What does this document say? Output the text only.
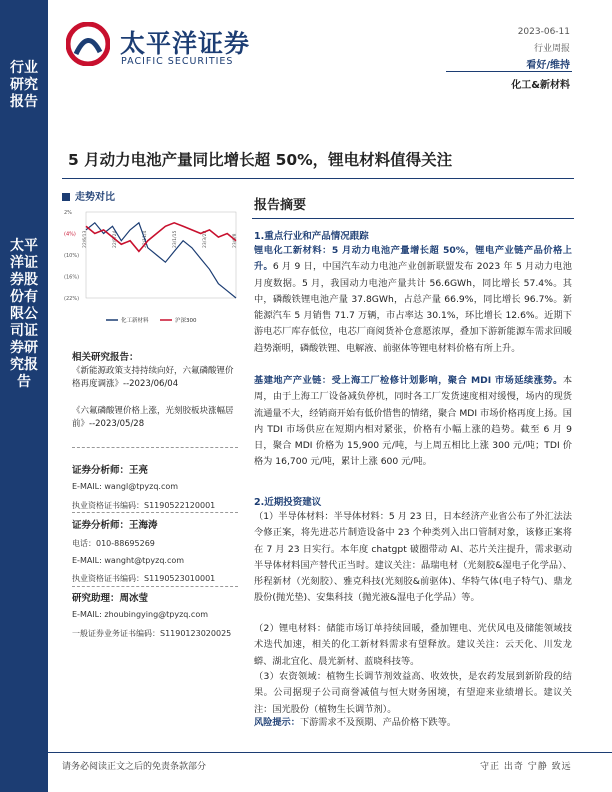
行业研究报告
太平洋证券股份有限公司证券研究报告
太平洋证券
PACIFIC SECURITIES
2023-06-11
行业周报
看好/维持
化工&新材料
5 月动力电池产量同比增长超 50%，锂电材料值得关注
走势对比
2%
(4%)
(10%)
(16%)
(22%)
22/6/13	22/8/24	22/11/4	23/1/15	23/3/28	23/6/8
化工新材料	沪深300
相关研究报告：
《新能源政策支持持续向好，六氟磷酸锂价格再度调涨》--2023/06/04
《六氟磷酸锂价格上涨，光刻胶板块涨幅居前》--2023/05/28
证券分析师：王亮
E-MAIL: wangl@tpyzq.com
执业资格证书编码：S1190522120001
证券分析师：王海涛
电话：010-88695269
E-MAIL: wanght@tpyzq.com
执业资格证书编码：S1190523010001
研究助理：周冰莹
E-MAIL: zhoubingying@tpyzq.com
一般证券业务证书编码：S1190123020025
报告摘要
1.重点行业和产品情况跟踪
锂电化工新材料：5 月动力电池产量增长超 50%，锂电产业链产品价格上升。6 月 9 日，中国汽车动力电池产业创新联盟发布 2023 年 5 月动力电池月度数据。5 月，我国动力电池产量共计 56.6GWh，同比增长 57.4%。其中，磷酸铁锂电池产量 37.8GWh，占总产量 66.9%，同比增长 96.7%。新能源汽车 5 月销售 71.7 万辆，市占率达 30.1%，环比增长 12.6%。近期下游电芯厂库存低位，电芯厂商阅货补仓意愿浓厚，叠加下游新能源车需求回暖趋势渐明，磷酸铁锂、电解液、前驱体等锂电材料价格有所上升。
基建地产产业链：受上海工厂检修计划影响，聚合 MDI 市场延续涨势。本周，由于上海工厂设备减负停机，同时各工厂发货速度相对缓慢，场内的现货流通量不大，经销商开始有低价惜售的情绪，聚合 MDI 市场价格再度上扬。国内 TDI 市场供应在短期内相对紧张，价格有小幅上涨的趋势。截至 6 月 9 日，聚合 MDI 价格为 15,900 元/吨，与上周五相比上涨 300 元/吨；TDI 价格为 16,700 元/吨，累计上涨 600 元/吨。
2.近期投资建议
（1）半导体材料：半导体材料：5 月 23 日，日本经济产业省公布了外汇法法令修正案，将先进芯片制造设备中 23 个种类列入出口管制对象，该修正案将在 7 月 23 日实行。本年度 chatgpt 破圈带动 AI、芯片关注提升，需求驱动半导体材料国产替代正当时。建议关注：晶瑞电材（光刻胶&湿电子化学品）、彤程新材（光刻胶）、雅克科技(光刻胶&前驱体)、华特气体(电子特气)、鼎龙股份(抛光垫)、安集科技（抛光液&湿电子化学品）等。
（2）锂电材料：储能市场订单持续回暖，叠加锂电、光伏风电及储能领域技术迭代加速，相关的化工新材料需求有望释放。建议关注：云天化、川发龙蟒、湖北宜化、晨光新材、蓝晓科技等。
（3）农资领域：植物生长调节剂效益高、收效快，是农药发展到新阶段的结果。公司据现子公司商誉减值与恒大财务困境，有望迎来业绩增长。建议关注：国光股份（植物生长调节剂）。
风险提示：下游需求不及预期、产品价格下跌等。
请务必阅读正文之后的免责条款部分	守正 出奇 宁静 致远
